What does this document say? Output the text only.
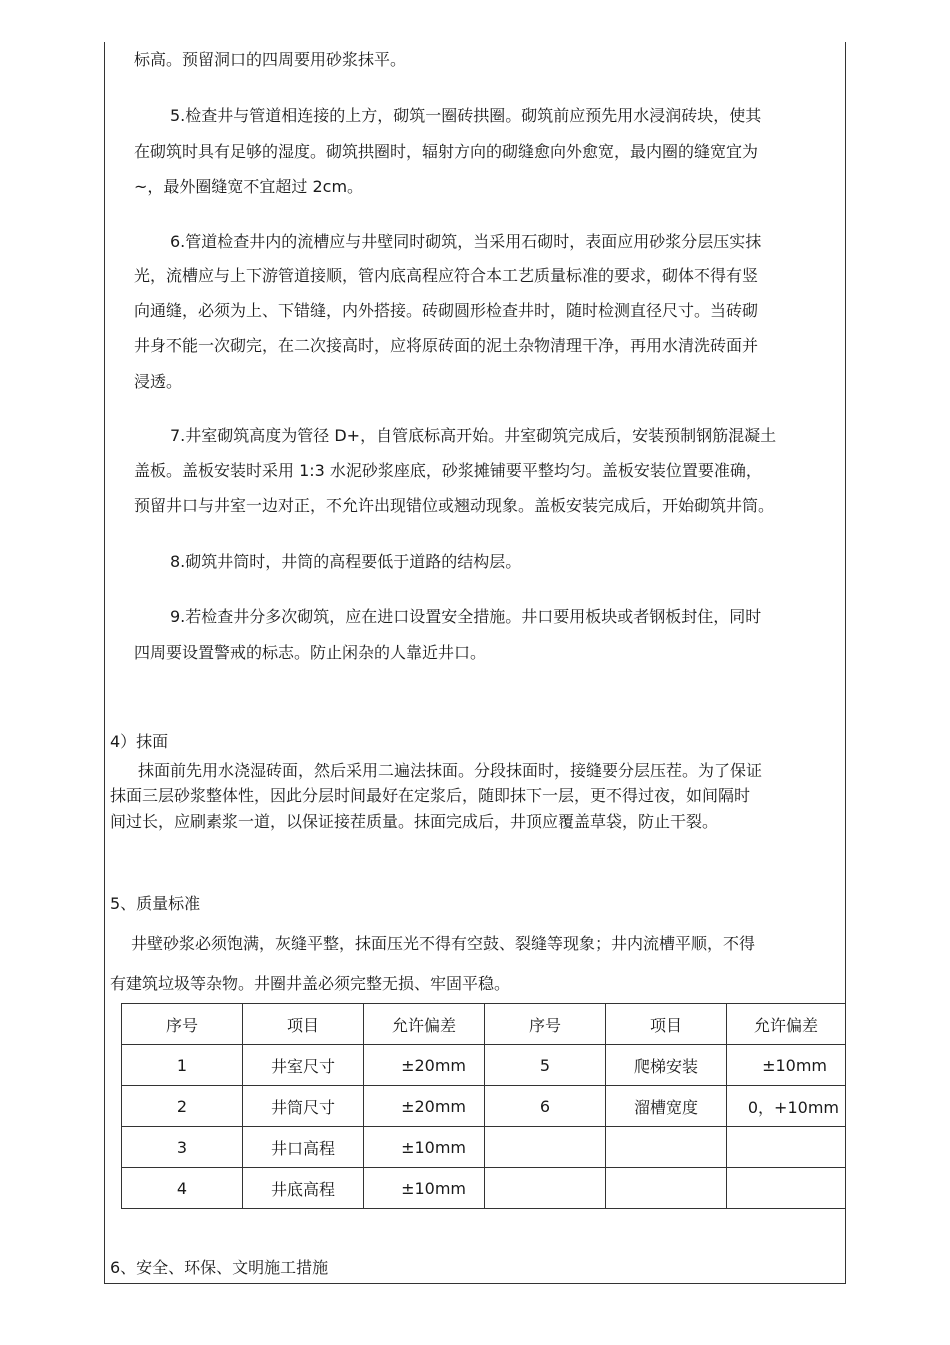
标高。预留洞口的四周要用砂浆抹平。
5.检查井与管道相连接的上方，砌筑一圈砖拱圈。砌筑前应预先用水浸润砖块，使其
在砌筑时具有足够的湿度。砌筑拱圈时，辐射方向的砌缝愈向外愈宽，最内圈的缝宽宜为
~，最外圈缝宽不宜超过 2cm。
6.管道检查井内的流槽应与井壁同时砌筑，当采用石砌时，表面应用砂浆分层压实抹
光，流槽应与上下游管道接顺，管内底高程应符合本工艺质量标准的要求，砌体不得有竖
向通缝，必须为上、下错缝，内外搭接。砖砌圆形检查井时，随时检测直径尺寸。当砖砌
井身不能一次砌完，在二次接高时，应将原砖面的泥土杂物清理干净，再用水清洗砖面并
浸透。
7.井室砌筑高度为管径 D+，自管底标高开始。井室砌筑完成后，安装预制钢筋混凝土
盖板。盖板安装时采用 1:3 水泥砂浆座底，砂浆摊铺要平整均匀。盖板安装位置要准确，
预留井口与井室一边对正，不允许出现错位或翘动现象。盖板安装完成后，开始砌筑井筒。
8.砌筑井筒时，井筒的高程要低于道路的结构层。
9.若检查井分多次砌筑，应在进口设置安全措施。井口要用板块或者钢板封住，同时
四周要设置警戒的标志。防止闲杂的人靠近井口。
4）抹面
抹面前先用水浇湿砖面，然后采用二遍法抹面。分段抹面时，接缝要分层压茬。为了保证
抹面三层砂浆整体性，因此分层时间最好在定浆后，随即抹下一层，更不得过夜，如间隔时
间过长，应刷素浆一道，以保证接茬质量。抹面完成后，井顶应覆盖草袋，防止干裂。
5、质量标准
井壁砂浆必须饱满，灰缝平整，抹面压光不得有空鼓、裂缝等现象；井内流槽平顺，不得
有建筑垃圾等杂物。井圈井盖必须完整无损、牢固平稳。
序号	项目	允许偏差	序号	项目	允许偏差
1	井室尺寸	±20mm	5	爬梯安装	±10mm
2	井筒尺寸	±20mm	6	溜槽宽度	0，+10mm
3	井口高程	±10mm			
4	井底高程	±10mm			
6、安全、环保、文明施工措施
